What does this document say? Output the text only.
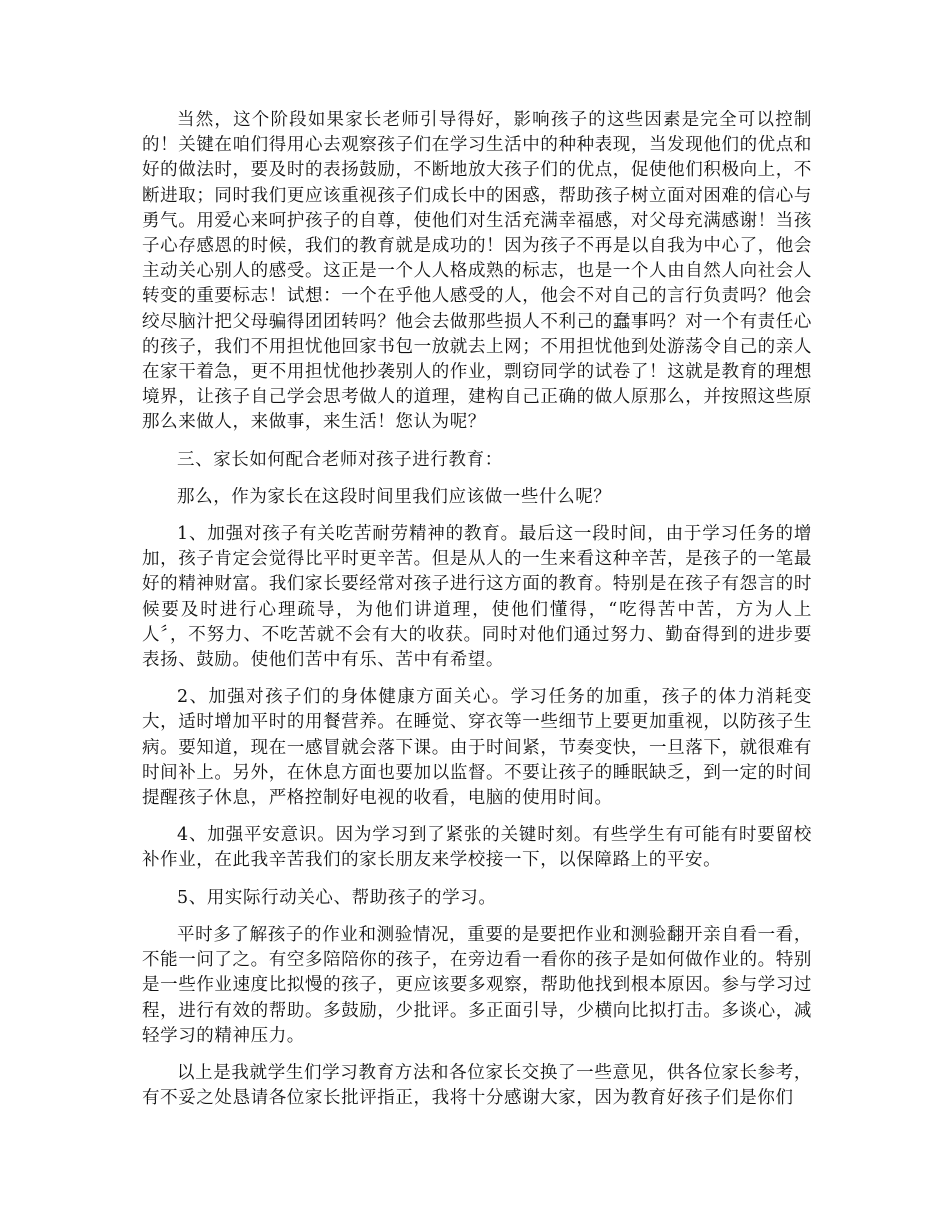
当然，这个阶段如果家长老师引导得好，影响孩子的这些因素是完全可以控制的！关键在咱们得用心去观察孩子们在学习生活中的种种表现，当发现他们的优点和好的做法时，要及时的表扬鼓励，不断地放大孩子们的优点，促使他们积极向上，不断进取；同时我们更应该重视孩子们成长中的困惑，帮助孩子树立面对困难的信心与勇气。用爱心来呵护孩子的自尊，使他们对生活充满幸福感，对父母充满感谢！当孩子心存感恩的时候，我们的教育就是成功的！因为孩子不再是以自我为中心了，他会主动关心别人的感受。这正是一个人人格成熟的标志，也是一个人由自然人向社会人转变的重要标志！试想：一个在乎他人感受的人，他会不对自己的言行负责吗？他会绞尽脑汁把父母骗得团团转吗？他会去做那些损人不利己的蠢事吗？对一个有责任心的孩子，我们不用担忧他回家书包一放就去上网；不用担忧他到处游荡令自己的亲人在家干着急，更不用担忧他抄袭别人的作业，剽窃同学的试卷了！这就是教育的理想境界，让孩子自己学会思考做人的道理，建构自己正确的做人原那么，并按照这些原那么来做人，来做事，来生活！您认为呢？

三、家长如何配合老师对孩子进行教育：

那么，作为家长在这段时间里我们应该做一些什么呢？

1、加强对孩子有关吃苦耐劳精神的教育。最后这一段时间，由于学习任务的增加，孩子肯定会觉得比平时更辛苦。但是从人的一生来看这种辛苦，是孩子的一笔最好的精神财富。我们家长要经常对孩子进行这方面的教育。特别是在孩子有怨言的时候要及时进行心理疏导，为他们讲道理，使他们懂得，“吃得苦中苦，方为人上人〞，不努力、不吃苦就不会有大的收获。同时对他们通过努力、勤奋得到的进步要表扬、鼓励。使他们苦中有乐、苦中有希望。

2、加强对孩子们的身体健康方面关心。学习任务的加重，孩子的体力消耗变大，适时增加平时的用餐营养。在睡觉、穿衣等一些细节上要更加重视，以防孩子生病。要知道，现在一感冒就会落下课。由于时间紧，节奏变快，一旦落下，就很难有时间补上。另外，在休息方面也要加以监督。不要让孩子的睡眠缺乏，到一定的时间提醒孩子休息，严格控制好电视的收看，电脑的使用时间。

4、加强平安意识。因为学习到了紧张的关键时刻。有些学生有可能有时要留校补作业，在此我辛苦我们的家长朋友来学校接一下，以保障路上的平安。

5、用实际行动关心、帮助孩子的学习。

平时多了解孩子的作业和测验情况，重要的是要把作业和测验翻开亲自看一看，不能一问了之。有空多陪陪你的孩子，在旁边看一看你的孩子是如何做作业的。特别是一些作业速度比拟慢的孩子，更应该要多观察，帮助他找到根本原因。参与学习过程，进行有效的帮助。多鼓励，少批评。多正面引导，少横向比拟打击。多谈心，减轻学习的精神压力。

以上是我就学生们学习教育方法和各位家长交换了一些意见，供各位家长参考，有不妥之处恳请各位家长批评指正，我将十分感谢大家，因为教育好孩子们是你们
